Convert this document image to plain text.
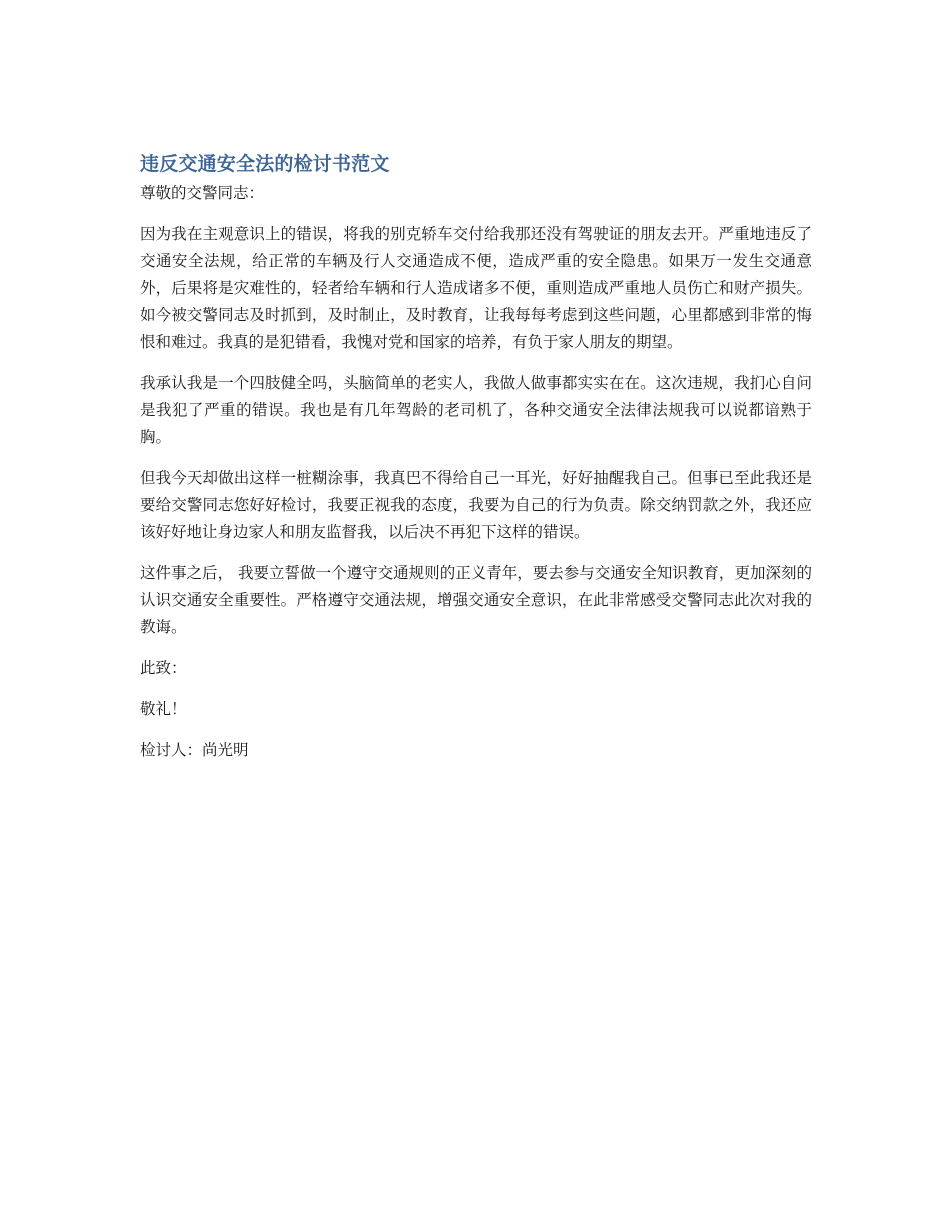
违反交通安全法的检讨书范文

尊敬的交警同志：

因为我在主观意识上的错误，将我的别克轿车交付给我那还没有驾驶证的朋友去开。严重地违反了交通安全法规，给正常的车辆及行人交通造成不便，造成严重的安全隐患。如果万一发生交通意外，后果将是灾难性的，轻者给车辆和行人造成诸多不便，重则造成严重地人员伤亡和财产损失。如今被交警同志及时抓到，及时制止，及时教育，让我每每考虑到这些问题，心里都感到非常的悔恨和难过。我真的是犯错看，我愧对党和国家的培养，有负于家人朋友的期望。

我承认我是一个四肢健全吗，头脑简单的老实人，我做人做事都实实在在。这次违规，我扪心自问是我犯了严重的错误。我也是有几年驾龄的老司机了，各种交通安全法律法规我可以说都谙熟于胸。

但我今天却做出这样一桩糊涂事，我真巴不得给自己一耳光，好好抽醒我自己。但事已至此我还是要给交警同志您好好检讨，我要正视我的态度，我要为自己的行为负责。除交纳罚款之外，我还应该好好地让身边家人和朋友监督我，以后决不再犯下这样的错误。

这件事之后， 我要立誓做一个遵守交通规则的正义青年，要去参与交通安全知识教育，更加深刻的认识交通安全重要性。严格遵守交通法规，增强交通安全意识，在此非常感受交警同志此次对我的教诲。

此致：

敬礼！

检讨人：尚光明
